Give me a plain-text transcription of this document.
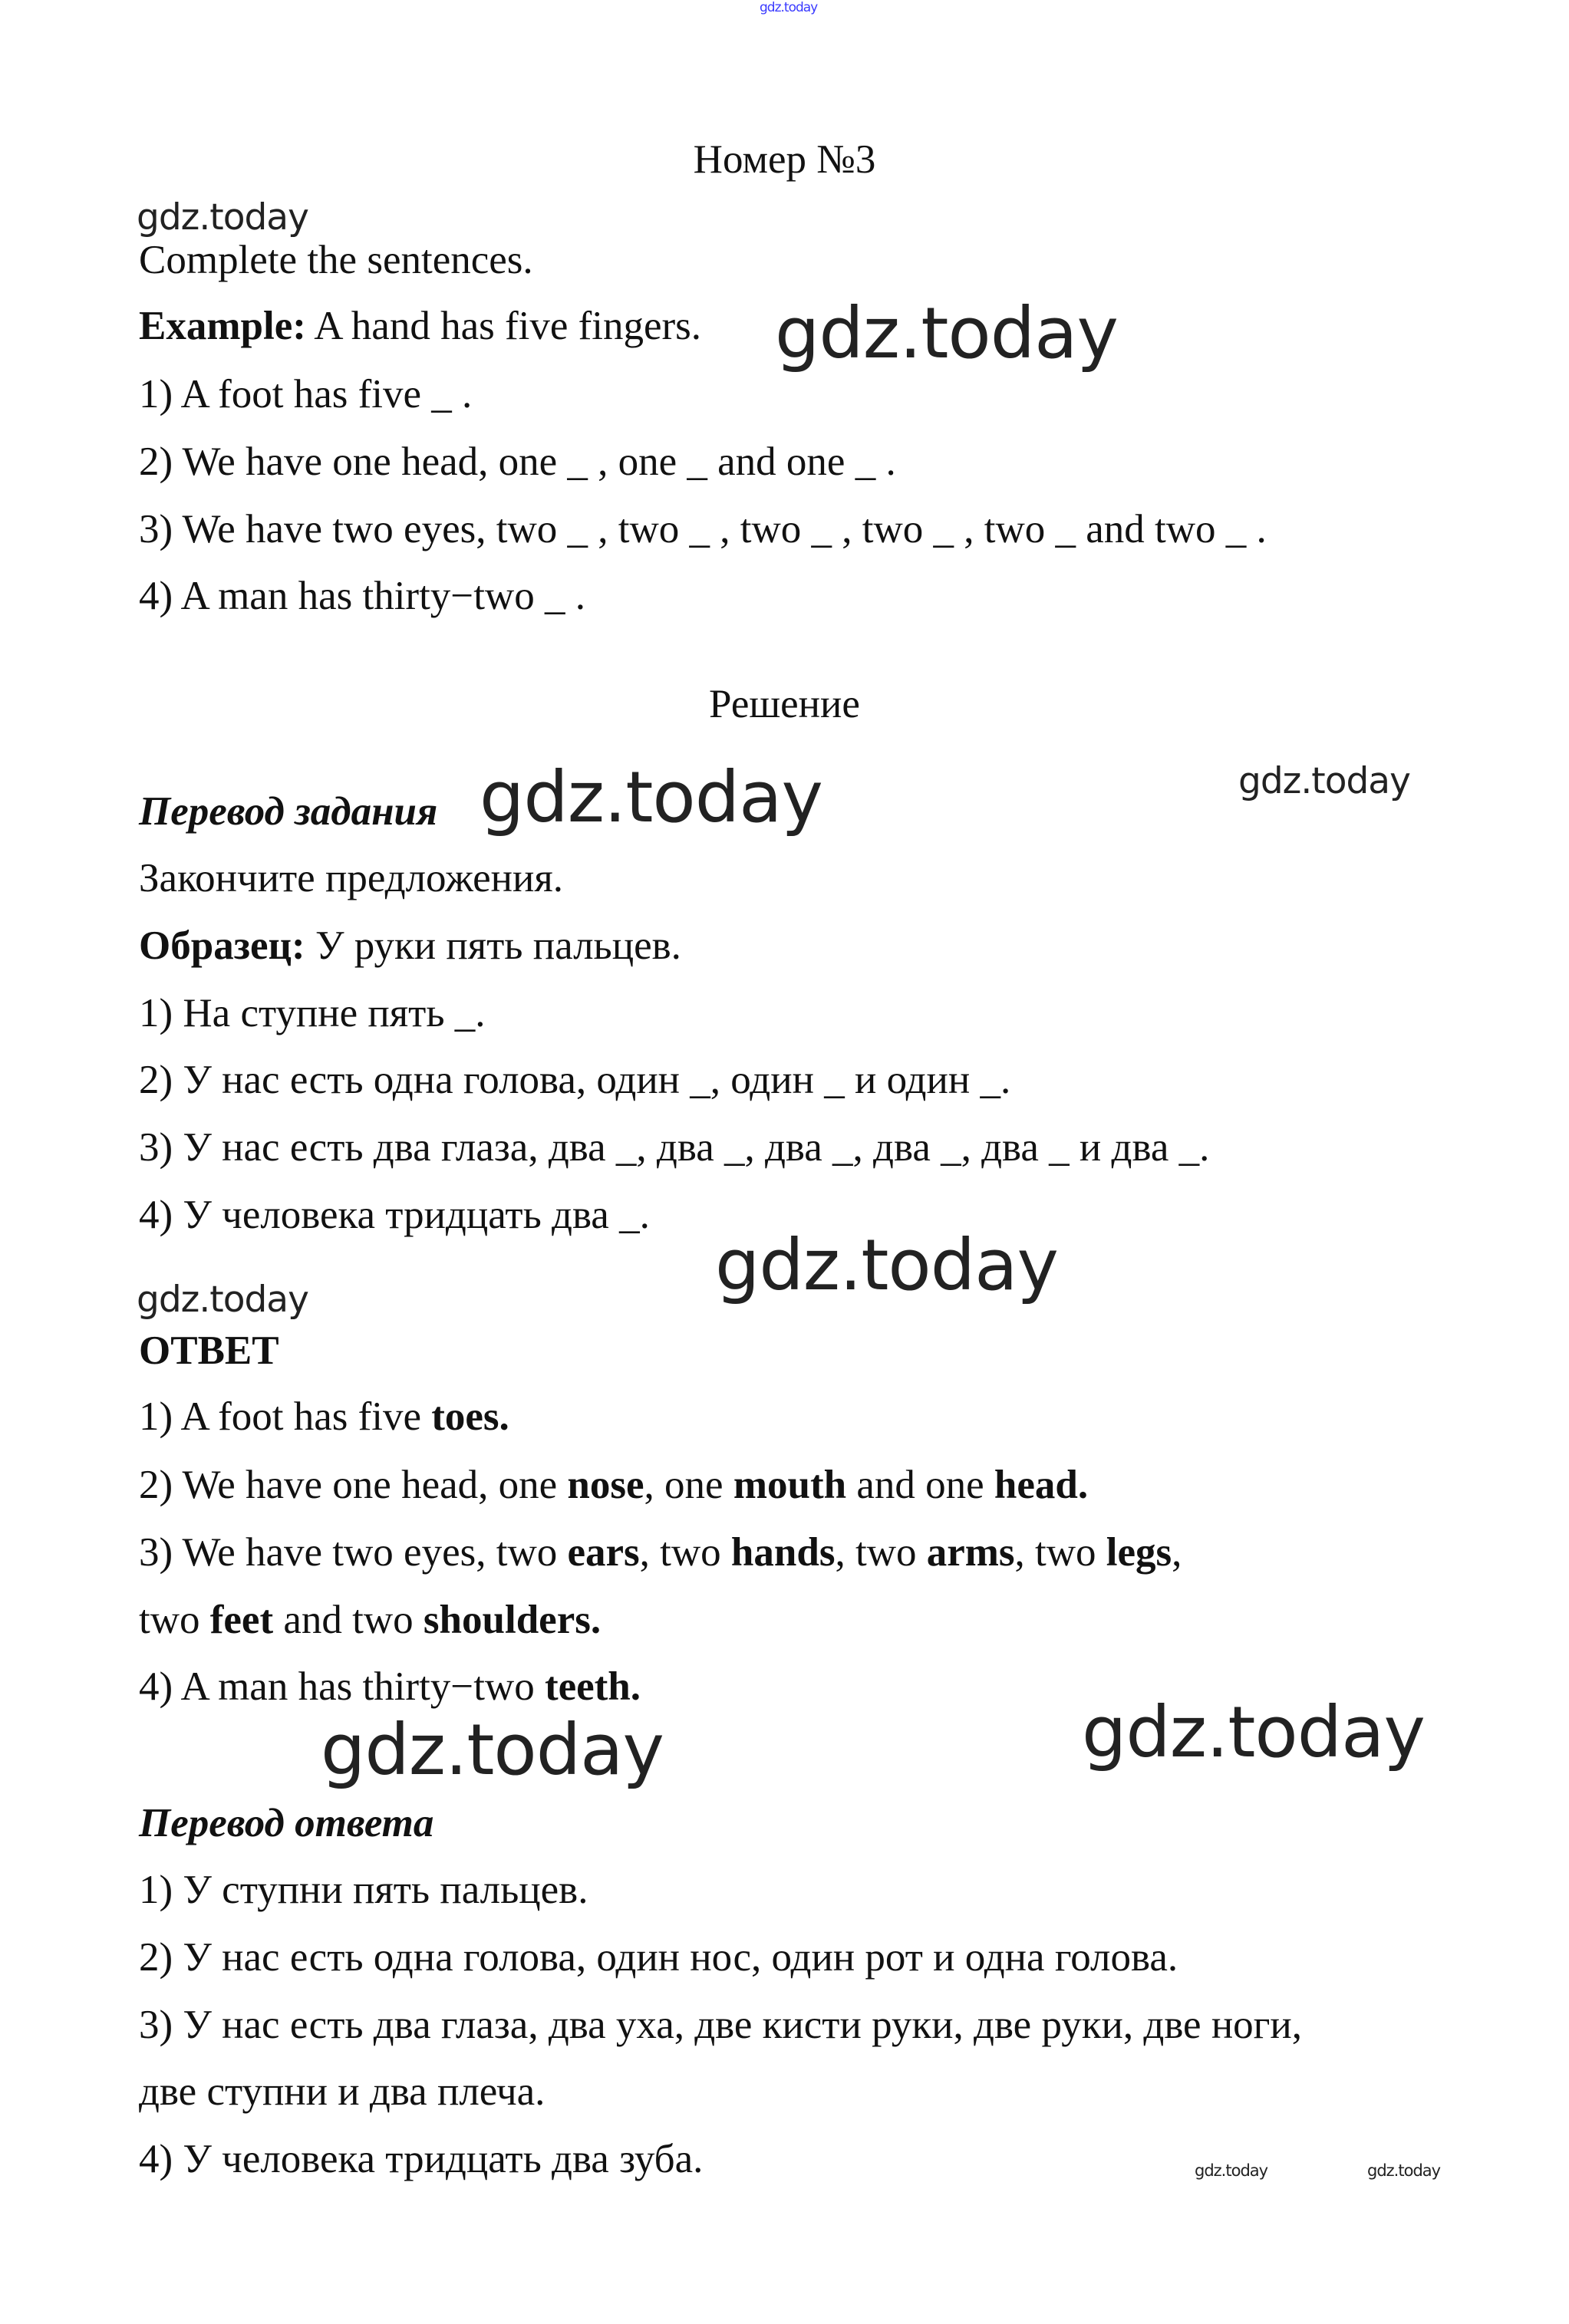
gdz.today
Номер №3
gdz.today
Complete the sentences.
Example: A hand has five fingers. gdz.today
1) A foot has five _ .
2) We have one head, one _ , one _ and one _ .
3) We have two eyes, two _ , two _ , two _ , two _ , two _ and two _ .
4) A man has thirty−two _ .
Решение
Перевод задания gdz.today	gdz.today
Закончите предложения.
Образец: У руки пять пальцев.
1) На ступне пять _.
2) У нас есть одна голова, один _, один _ и один _.
3) У нас есть два глаза, два _, два _, два _, два _, два _ и два _.
4) У человека тридцать два _.
gdz.today
gdz.today
ОТВЕТ
1) A foot has five toes.
2) We have one head, one nose, one mouth and one head.
3) We have two eyes, two ears, two hands, two arms, two legs,
two feet and two shoulders.
4) A man has thirty−two teeth.
gdz.today	gdz.today
Перевод ответа
1) У ступни пять пальцев.
2) У нас есть одна голова, один нос, один рот и одна голова.
3) У нас есть два глаза, два уха, две кисти руки, две руки, две ноги,
две ступни и два плеча.
4) У человека тридцать два зуба.	gdz.today	gdz.today
